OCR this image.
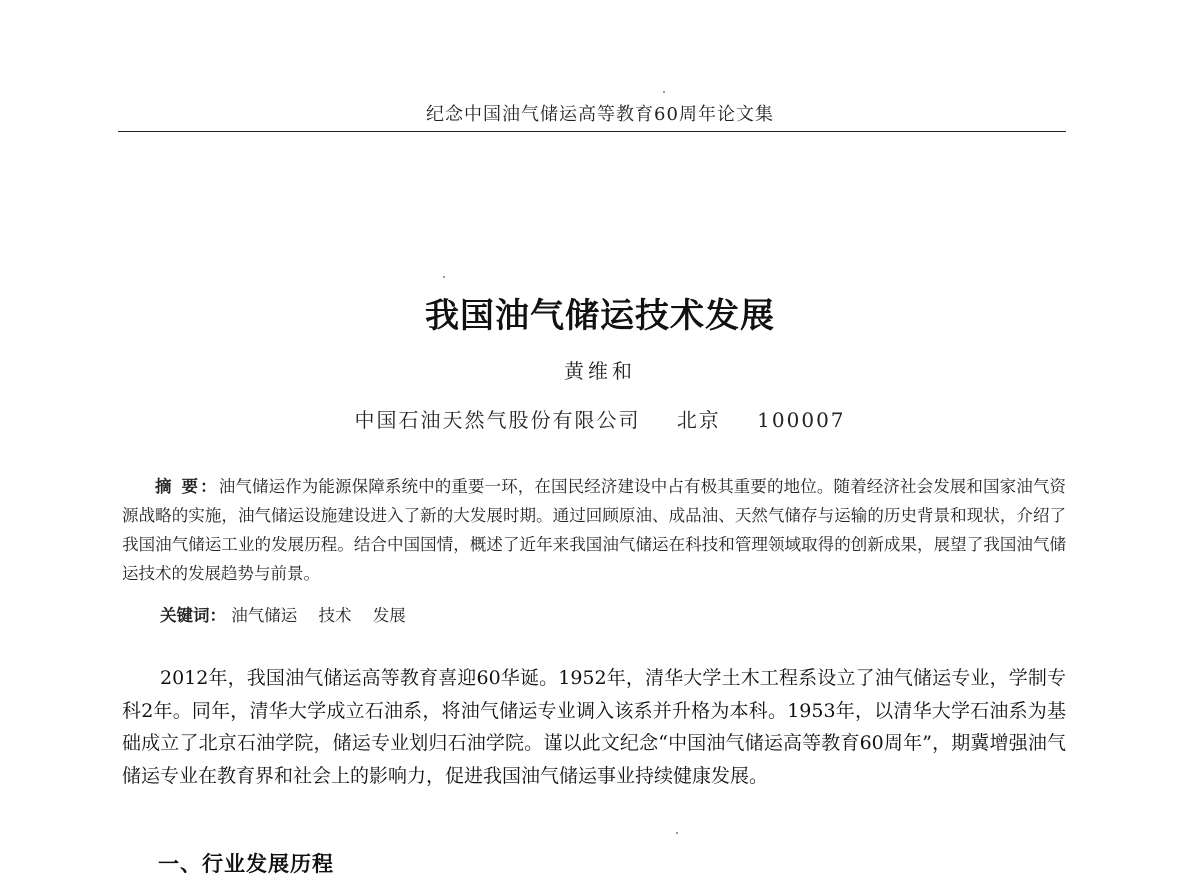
纪念中国油气储运高等教育60周年论文集
我国油气储运技术发展
黄维和
中国石油天然气股份有限公司 北京 100007
摘 要：油气储运作为能源保障系统中的重要一环，在国民经济建设中占有极其重要的地位。随着经济社会发展和国家油气资源战略的实施，油气储运设施建设进入了新的大发展时期。通过回顾原油、成品油、天然气储存与运输的历史背景和现状，介绍了我国油气储运工业的发展历程。结合中国国情，概述了近年来我国油气储运在科技和管理领域取得的创新成果，展望了我国油气储运技术的发展趋势与前景。
关键词： 油气储运 技术 发展
2012年，我国油气储运高等教育喜迎60华诞。1952年，清华大学土木工程系设立了油气储运专业，学制专科2年。同年，清华大学成立石油系，将油气储运专业调入该系并升格为本科。1953年，以清华大学石油系为基础成立了北京石油学院，储运专业划归石油学院。谨以此文纪念“中国油气储运高等教育60周年”，期冀增强油气储运专业在教育界和社会上的影响力，促进我国油气储运事业持续健康发展。
一、行业发展历程
